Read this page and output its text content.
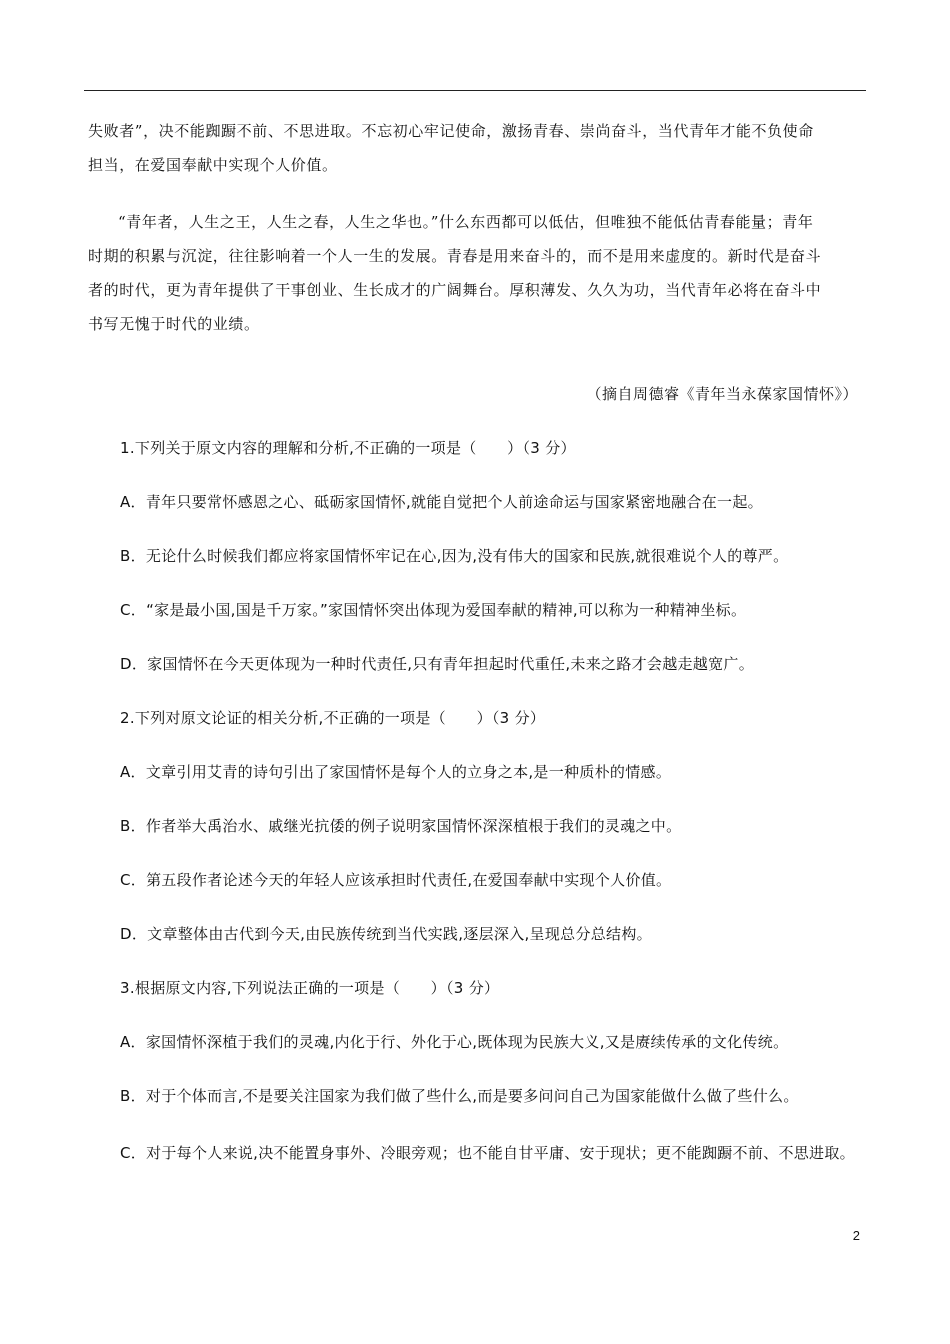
失败者”，决不能踟蹰不前、不思进取。不忘初心牢记使命，激扬青春、崇尚奋斗，当代青年才能不负使命
担当，在爱国奉献中实现个人价值。
“青年者，人生之王，人生之春，人生之华也。”什么东西都可以低估，但唯独不能低估青春能量；青年
时期的积累与沉淀，往往影响着一个人一生的发展。青春是用来奋斗的，而不是用来虚度的。新时代是奋斗
者的时代，更为青年提供了干事创业、生长成才的广阔舞台。厚积薄发、久久为功，当代青年必将在奋斗中
书写无愧于时代的业绩。
（摘自周德睿《青年当永葆家国情怀》）
1.下列关于原文内容的理解和分析,不正确的一项是（　　）（3 分）
A．青年只要常怀感恩之心、砥砺家国情怀,就能自觉把个人前途命运与国家紧密地融合在一起。
B．无论什么时候我们都应将家国情怀牢记在心,因为,没有伟大的国家和民族,就很难说个人的尊严。
C．“家是最小国,国是千万家。”家国情怀突出体现为爱国奉献的精神,可以称为一种精神坐标。
D．家国情怀在今天更体现为一种时代责任,只有青年担起时代重任,未来之路才会越走越宽广。
2.下列对原文论证的相关分析,不正确的一项是（　　）（3 分）
A．文章引用艾青的诗句引出了家国情怀是每个人的立身之本,是一种质朴的情感。
B．作者举大禹治水、戚继光抗倭的例子说明家国情怀深深植根于我们的灵魂之中。
C．第五段作者论述今天的年轻人应该承担时代责任,在爱国奉献中实现个人价值。
D．文章整体由古代到今天,由民族传统到当代实践,逐层深入,呈现总分总结构。
3.根据原文内容,下列说法正确的一项是（　　）（3 分）
A．家国情怀深植于我们的灵魂,内化于行、外化于心,既体现为民族大义,又是赓续传承的文化传统。
B．对于个体而言,不是要关注国家为我们做了些什么,而是要多问问自己为国家能做什么做了些什么。
C．对于每个人来说,决不能置身事外、冷眼旁观；也不能自甘平庸、安于现状；更不能踟蹰不前、不思进取。
2
